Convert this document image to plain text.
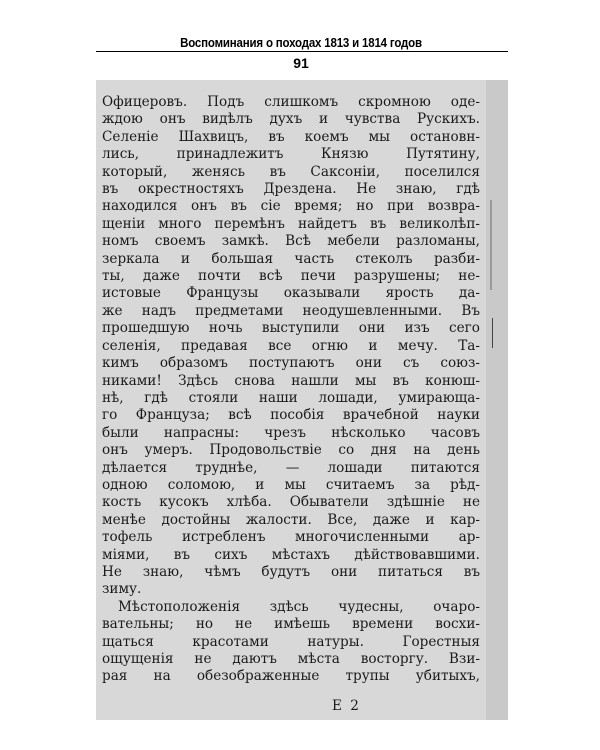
Воспоминания о походах 1813 и 1814 годов
91
Офицеровъ. Подъ слишкомъ скромною оде-
ждою онъ видѣлъ духъ и чувства Рускихъ.
Селеніе Шахвицъ, въ коемъ мы остановн-
лись, принадлежитъ Князю Путятину,
который, женясь въ Саксоніи, поселился
въ окрестностяхъ Дрездена. Не знаю, гдѣ
находился онъ въ сіе время; но при возвра-
щеніи много перемѣнъ найдетъ въ великолѣп-
номъ своемъ замкѣ. Всѣ мебели разломаны,
зеркала и большая часть стеколъ разби-
ты, даже почти всѣ печи разрушены; не-
истовые Французы оказывали ярость да-
же надъ предметами неодушевленными. Въ
прошедшую ночь выступили они изъ сего
селенія, предавая все огню и мечу. Та-
кимъ образомъ поступаютъ они съ союз-
никами! Здѣсь снова нашли мы въ конюш-
нѣ, гдѣ стояли наши лошади, умирающа-
го Француза; всѣ пособія врачебной науки
были напрасны: чрезъ нѣсколько часовъ
онъ умеръ. Продовольствіе со дня на день
дѣлается труднѣе, — лошади питаются
одною соломою, и мы считаемъ за рѣд-
кость кусокъ хлѣба. Обыватели здѣшніе не
менѣе достойны жалости. Все, даже и кар-
тофель истребленъ многочисленными ар-
міями, въ сихъ мѣстахъ дѣйствовавшими.
Не знаю, чѣмъ будутъ они питаться въ
зиму.
Мѣстоположенія здѣсь чудесны, очаро-
вательны; но не имѣешь времени восхи-
щаться красотами натуры. Горестныя
ощущенія не даютъ мѣста восторгу. Взи-
рая на обезображенные трупы убитыхъ,
Е 2
